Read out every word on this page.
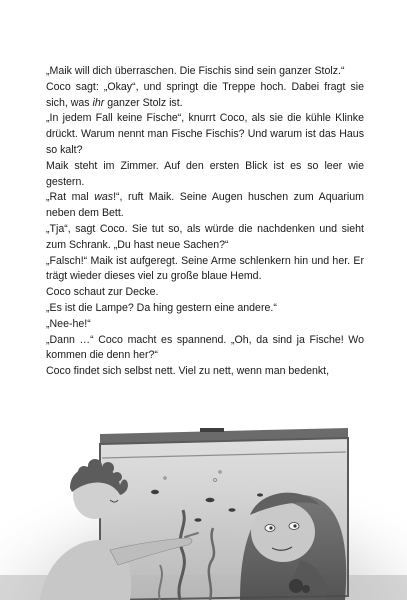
„Maik will dich überraschen. Die Fischis sind sein ganzer Stolz.“

Coco sagt: „Okay“, und springt die Treppe hoch. Dabei fragt sie sich, was ihr ganzer Stolz ist.

„In jedem Fall keine Fische“, knurrt Coco, als sie die kühle Klinke drückt. Warum nennt man Fische Fischis? Und warum ist das Haus so kalt?

Maik steht im Zimmer. Auf den ersten Blick ist es so leer wie gestern.

„Rat mal was!“, ruft Maik. Seine Augen huschen zum Aquarium neben dem Bett.

„Tja“, sagt Coco. Sie tut so, als würde die nachdenken und sieht zum Schrank. „Du hast neue Sachen?“

„Falsch!“ Maik ist aufgeregt. Seine Arme schlenkern hin und her. Er trägt wieder dieses viel zu große blaue Hemd.

Coco schaut zur Decke.

„Es ist die Lampe? Da hing gestern eine andere.“

„Nee-he!“

„Dann …“ Coco macht es spannend. „Oh, da sind ja Fische! Wo kommen die denn her?“

Coco findet sich selbst nett. Viel zu nett, wenn man bedenkt,
